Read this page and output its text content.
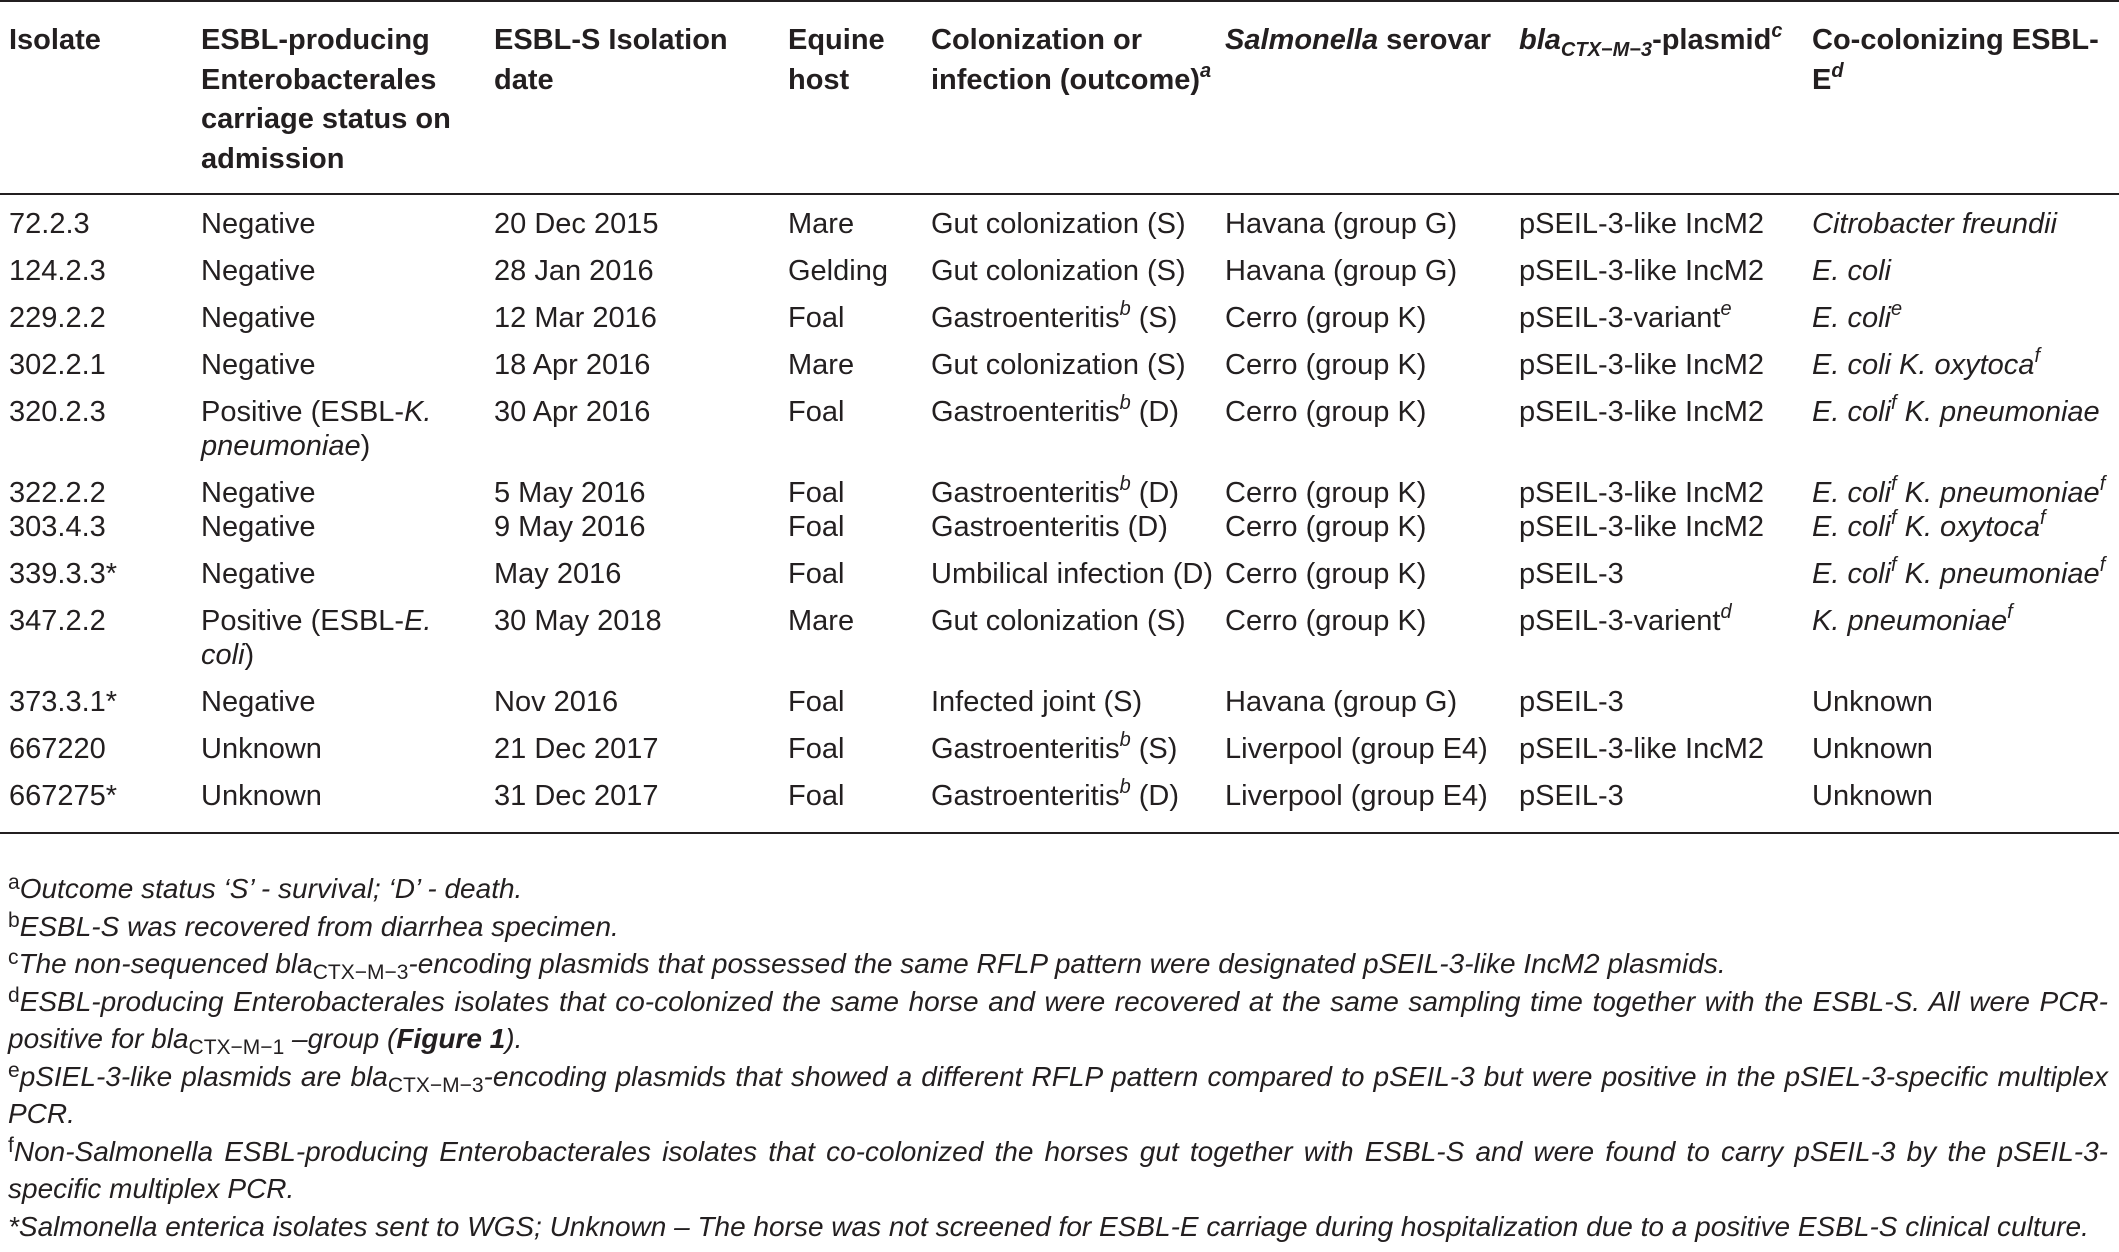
Isolate	ESBL-producing Enterobacterales carriage status on admission	ESBL-S Isolation date	Equine host	Colonization or infection (outcome)$^a$	Salmonella serovar	bla$_{CTX-M-3}$-plasmid$^c$	Co-colonizing ESBL-$E^d$
72.2.3	Negative	20 Dec 2015	Mare	Gut colonization (S)	Havana (group G)	pSEIL-3-like IncM2	Citrobacter freundii
124.2.3	Negative	28 Jan 2016	Gelding	Gut colonization (S)	Havana (group G)	pSEIL-3-like IncM2	E. coli
229.2.2	Negative	12 Mar 2016	Foal	Gastroenteritis$^b$ (S)	Cerro (group K)	pSEIL-3-variant$^e$	E. coli$^e$
302.2.1	Negative	18 Apr 2016	Mare	Gut colonization (S)	Cerro (group K)	pSEIL-3-like IncM2	E. coli K. oxytoca$^f$
320.2.3	Positive (ESBL-K. pneumoniae)	30 Apr 2016	Foal	Gastroenteritis$^b$ (D)	Cerro (group K)	pSEIL-3-like IncM2	E. coli$^f$ K. pneumoniae
322.2.2	Negative	5 May 2016	Foal	Gastroenteritis$^b$ (D)	Cerro (group K)	pSEIL-3-like IncM2	E. coli$^f$ K. pneumoniae$^f$
303.4.3	Negative	9 May 2016	Foal	Gastroenteritis (D)	Cerro (group K)	pSEIL-3-like IncM2	E. coli$^f$ K. oxytoca$^f$
339.3.3*	Negative	May 2016	Foal	Umbilical infection (D)	Cerro (group K)	pSEIL-3	E. coli$^f$ K. pneumoniae$^f$
347.2.2	Positive (ESBL-E. coli)	30 May 2018	Mare	Gut colonization (S)	Cerro (group K)	pSEIL-3-varient$^d$	K. pneumoniae$^f$
373.3.1*	Negative	Nov 2016	Foal	Infected joint (S)	Havana (group G)	pSEIL-3	Unknown
667220	Unknown	21 Dec 2017	Foal	Gastroenteritis$^b$ (S)	Liverpool (group E4)	pSEIL-3-like IncM2	Unknown
667275*	Unknown	31 Dec 2017	Foal	Gastroenteritis$^b$ (D)	Liverpool (group E4)	pSEIL-3	Unknown

$^a$Outcome status ‘S’ - survival; ‘D’ - death.

$^b$ESBL-S was recovered from diarrhea specimen.

$^c$The non-sequenced bla$_{CTX-M-3}$-encoding plasmids that possessed the same RFLP pattern were designated pSEIL-3-like IncM2 plasmids.

$^d$ESBL-producing Enterobacterales isolates that co-colonized the same horse and were recovered at the same sampling time together with the ESBL-S. All were PCR-positive for bla$_{CTX-M-1}$ –group (Figure 1).

$^e$pSIEL-3-like plasmids are bla$_{CTX-M-3}$-encoding plasmids that showed a different RFLP pattern compared to pSEIL-3 but were positive in the pSIEL-3-specific multiplex PCR.

$^f$Non-Salmonella ESBL-producing Enterobacterales isolates that co-colonized the horses gut together with ESBL-S and were found to carry pSEIL-3 by the pSEIL-3-specific multiplex PCR.

*Salmonella enterica isolates sent to WGS; Unknown – The horse was not screened for ESBL-E carriage during hospitalization due to a positive ESBL-S clinical culture.
